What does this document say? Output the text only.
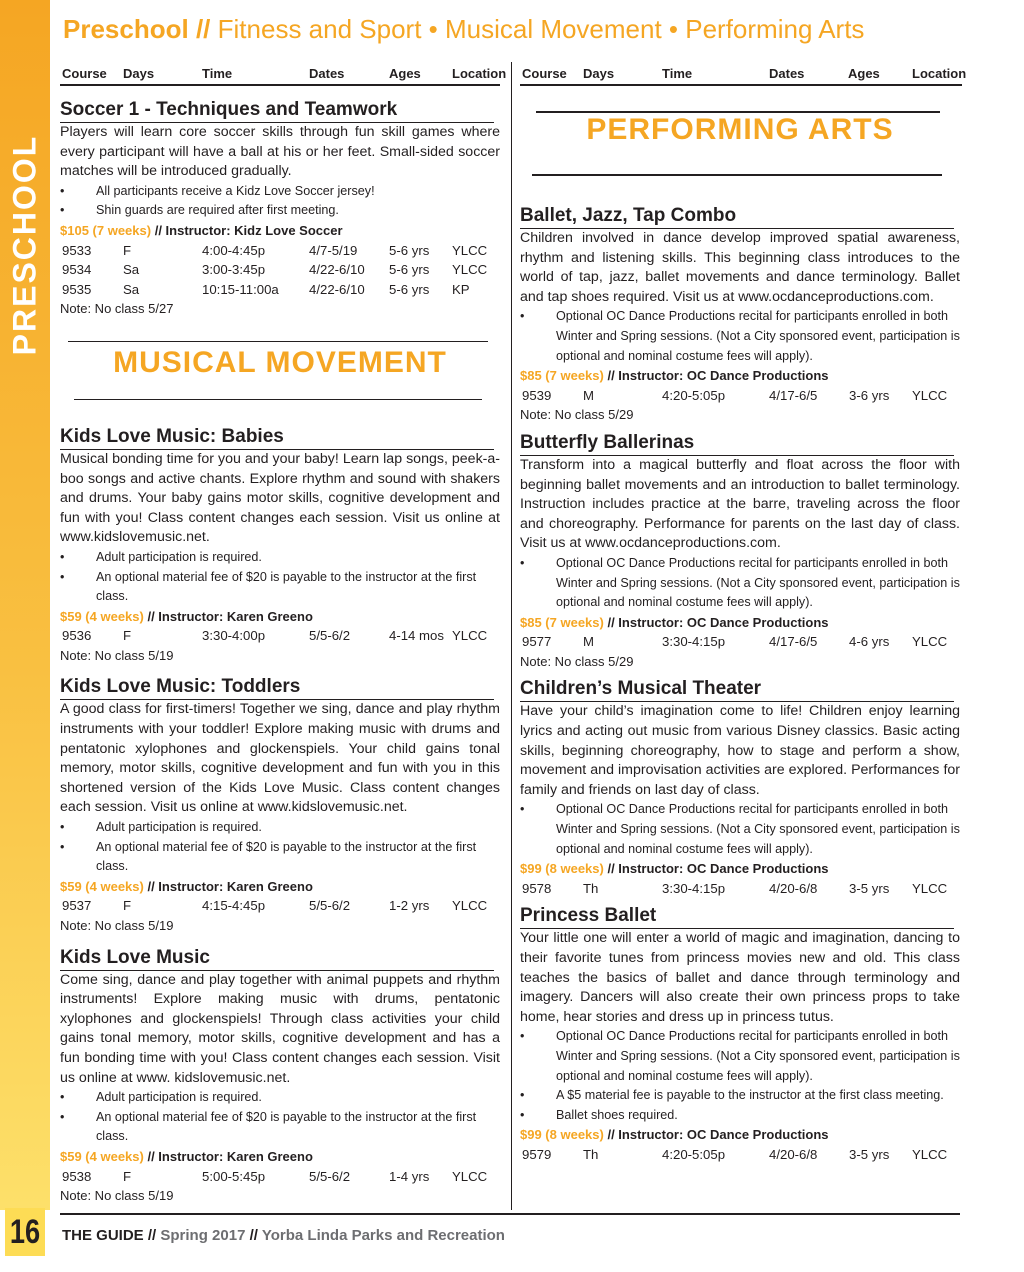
PRESCHOOL
16
Preschool // Fitness and Sport • Musical Movement • Performing Arts
Course Days	Time	Dates	Ages Location Course Days	Time	Dates	Ages Location
Soccer 1 - Techniques and Teamwork
Players will learn core soccer skills through fun skill games where every participant will have a ball at his or her feet. Small-sided soccer matches will be introduced gradually.
• All participants receive a Kidz Love Soccer jersey!
• Shin guards are required after first meeting.
$105 (7 weeks) // Instructor: Kidz Love Soccer
9533 F	4:00-4:45p	4/7-5/19 5-6 yrs YLCC
9534 Sa	3:00-3:45p	4/22-6/10 5-6 yrs YLCC
9535 Sa	10:15-11:00a 4/22-6/10 5-6 yrs KP
Note: No class 5/27
MUSICAL MOVEMENT
Kids Love Music: Babies
Musical bonding time for you and your baby! Learn lap songs, peek-a-boo songs and active chants. Explore rhythm and sound with shakers and drums. Your baby gains motor skills, cognitive development and fun with you! Class content changes each session. Visit us online at www.kidslovemusic.net.
• Adult participation is required.
• An optional material fee of $20 is payable to the instructor at the first class.
$59 (4 weeks) // Instructor: Karen Greeno
9536 F	3:30-4:00p	5/5-6/2	4-14 mos YLCC
Note: No class 5/19
Kids Love Music: Toddlers
A good class for first-timers! Together we sing, dance and play rhythm instruments with your toddler! Explore making music with drums and pentatonic xylophones and glockenspiels. Your child gains tonal memory, motor skills, cognitive development and fun with you in this shortened version of the Kids Love Music. Class content changes each session. Visit us online at www.kidslovemusic.net.
• Adult participation is required.
• An optional material fee of $20 is payable to the instructor at the first class.
$59 (4 weeks) // Instructor: Karen Greeno
9537 F	4:15-4:45p	5/5-6/2	1-2 yrs YLCC
Note: No class 5/19
Kids Love Music
Come sing, dance and play together with animal puppets and rhythm instruments! Explore making music with drums, pentatonic xylophones and glockenspiels! Through class activities your child gains tonal memory, motor skills, cognitive development and has a fun bonding time with you! Class content changes each session. Visit us online at www. kidslovemusic.net.
• Adult participation is required.
• An optional material fee of $20 is payable to the instructor at the first class.
$59 (4 weeks) // Instructor: Karen Greeno
9538 F	5:00-5:45p	5/5-6/2	1-4 yrs YLCC
Note: No class 5/19
PERFORMING ARTS
Ballet, Jazz, Tap Combo
Children involved in dance develop improved spatial awareness, rhythm and listening skills. This beginning class introduces to the world of tap, jazz, ballet movements and dance terminology. Ballet and tap shoes required. Visit us at www.ocdanceproductions.com.
• Optional OC Dance Productions recital for participants enrolled in both Winter and Spring sessions. (Not a City sponsored event, participation is optional and nominal costume fees will apply).
$85 (7 weeks) // Instructor: OC Dance Productions
9539 M	4:20-5:05p	4/17-6/5 3-6 yrs YLCC
Note: No class 5/29
Butterfly Ballerinas
Transform into a magical butterfly and float across the floor with beginning ballet movements and an introduction to ballet terminology. Instruction includes practice at the barre, traveling across the floor and choreography. Performance for parents on the last day of class. Visit us at www.ocdanceproductions.com.
• Optional OC Dance Productions recital for participants enrolled in both Winter and Spring sessions. (Not a City sponsored event, participation is optional and nominal costume fees will apply).
$85 (7 weeks) // Instructor: OC Dance Productions
9577 M	3:30-4:15p	4/17-6/5 4-6 yrs YLCC
Note: No class 5/29
Children’s Musical Theater
Have your child’s imagination come to life! Children enjoy learning lyrics and acting out music from various Disney classics. Basic acting skills, beginning choreography, how to stage and perform a show, movement and improvisation activities are explored. Performances for family and friends on last day of class.
• Optional OC Dance Productions recital for participants enrolled in both Winter and Spring sessions. (Not a City sponsored event, participation is optional and nominal costume fees will apply).
$99 (8 weeks) // Instructor: OC Dance Productions
9578 Th	3:30-4:15p	4/20-6/8 3-5 yrs YLCC
Princess Ballet
Your little one will enter a world of magic and imagination, dancing to their favorite tunes from princess movies new and old. This class teaches the basics of ballet and dance through terminology and imagery. Dancers will also create their own princess props to take home, hear stories and dress up in princess tutus.
• Optional OC Dance Productions recital for participants enrolled in both Winter and Spring sessions. (Not a City sponsored event, participation is optional and nominal costume fees will apply).
• A $5 material fee is payable to the instructor at the first class meeting.
• Ballet shoes required.
$99 (8 weeks) // Instructor: OC Dance Productions
9579 Th	4:20-5:05p	4/20-6/8 3-5 yrs YLCC
THE GUIDE // Spring 2017 // Yorba Linda Parks and Recreation
